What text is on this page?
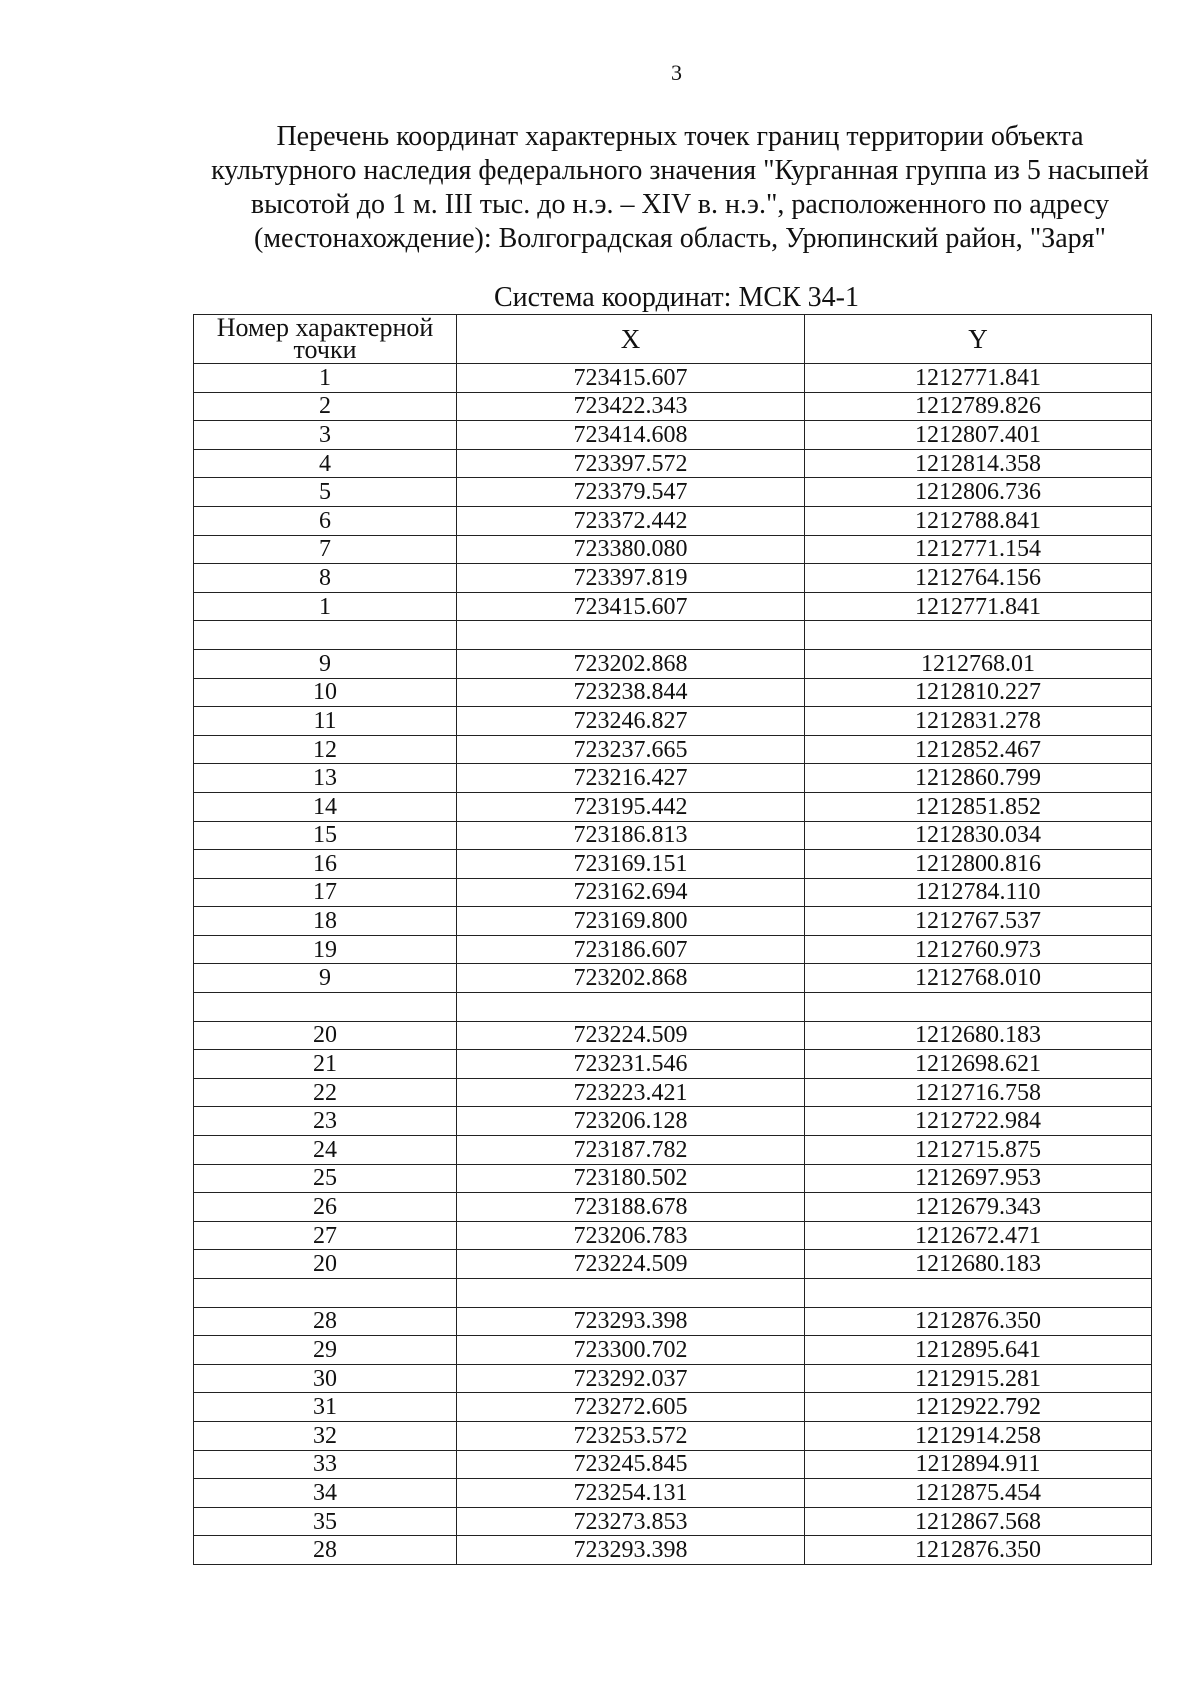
3
Перечень координат характерных точек границ территории объекта
культурного наследия федерального значения "Курганная группа из 5 насыпей
высотой до 1 м. III тыс. до н.э. – XIV в. н.э.", расположенного по адресу
(местонахождение): Волгоградская область, Урюпинский район, "Заря"
Система координат: МСК 34-1
Номер характерной точки	X	Y
1	723415.607	1212771.841
2	723422.343	1212789.826
3	723414.608	1212807.401
4	723397.572	1212814.358
5	723379.547	1212806.736
6	723372.442	1212788.841
7	723380.080	1212771.154
8	723397.819	1212764.156
1	723415.607	1212771.841

9	723202.868	1212768.01
10	723238.844	1212810.227
11	723246.827	1212831.278
12	723237.665	1212852.467
13	723216.427	1212860.799
14	723195.442	1212851.852
15	723186.813	1212830.034
16	723169.151	1212800.816
17	723162.694	1212784.110
18	723169.800	1212767.537
19	723186.607	1212760.973
9	723202.868	1212768.010

20	723224.509	1212680.183
21	723231.546	1212698.621
22	723223.421	1212716.758
23	723206.128	1212722.984
24	723187.782	1212715.875
25	723180.502	1212697.953
26	723188.678	1212679.343
27	723206.783	1212672.471
20	723224.509	1212680.183

28	723293.398	1212876.350
29	723300.702	1212895.641
30	723292.037	1212915.281
31	723272.605	1212922.792
32	723253.572	1212914.258
33	723245.845	1212894.911
34	723254.131	1212875.454
35	723273.853	1212867.568
28	723293.398	1212876.350
